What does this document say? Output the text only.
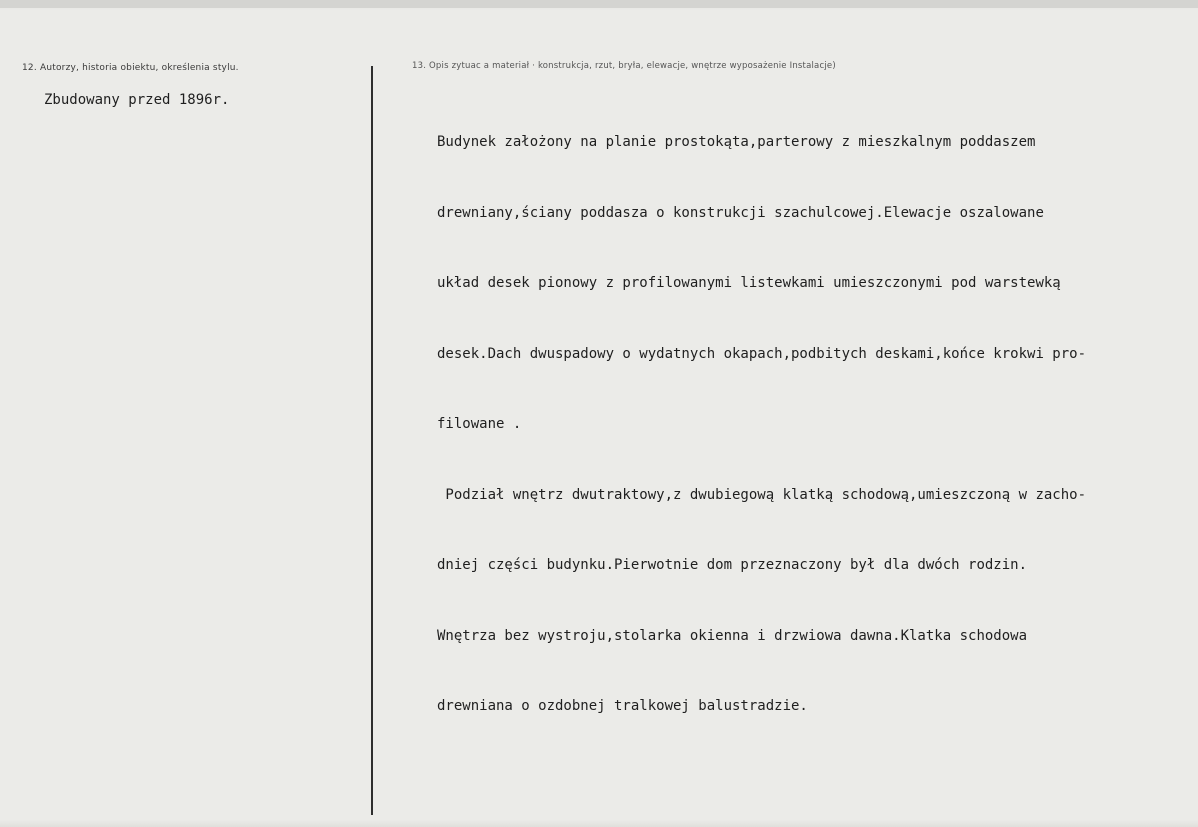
12. Autorzy, historia obiektu, określenia stylu.
Zbudowany przed 1896r.
13. Opis zytuac a materiał · konstrukcja, rzut, bryła, elewacje, wnętrze wyposażenie Instalacje)

Budynek założony na planie prostokąta,parterowy z mieszkalnym poddaszem

drewniany,ściany poddasza o konstrukcji szachulcowej.Elewacje oszalowane

układ desek pionowy z profilowanymi listewkami umieszczonymi pod warstewką

desek.Dach dwuspadowy o wydatnych okapach,podbitych deskami,końce krokwi pro-

filowane .

Podział wnętrz dwutraktowy,z dwubiegową klatką schodową,umieszczoną w zacho-

dniej części budynku.Pierwotnie dom przeznaczony był dla dwóch rodzin.

Wnętrza bez wystroju,stolarka okienna i drzwiowa dawna.Klatka schodowa

drewniana o ozdobnej tralkowej balustradzie.
